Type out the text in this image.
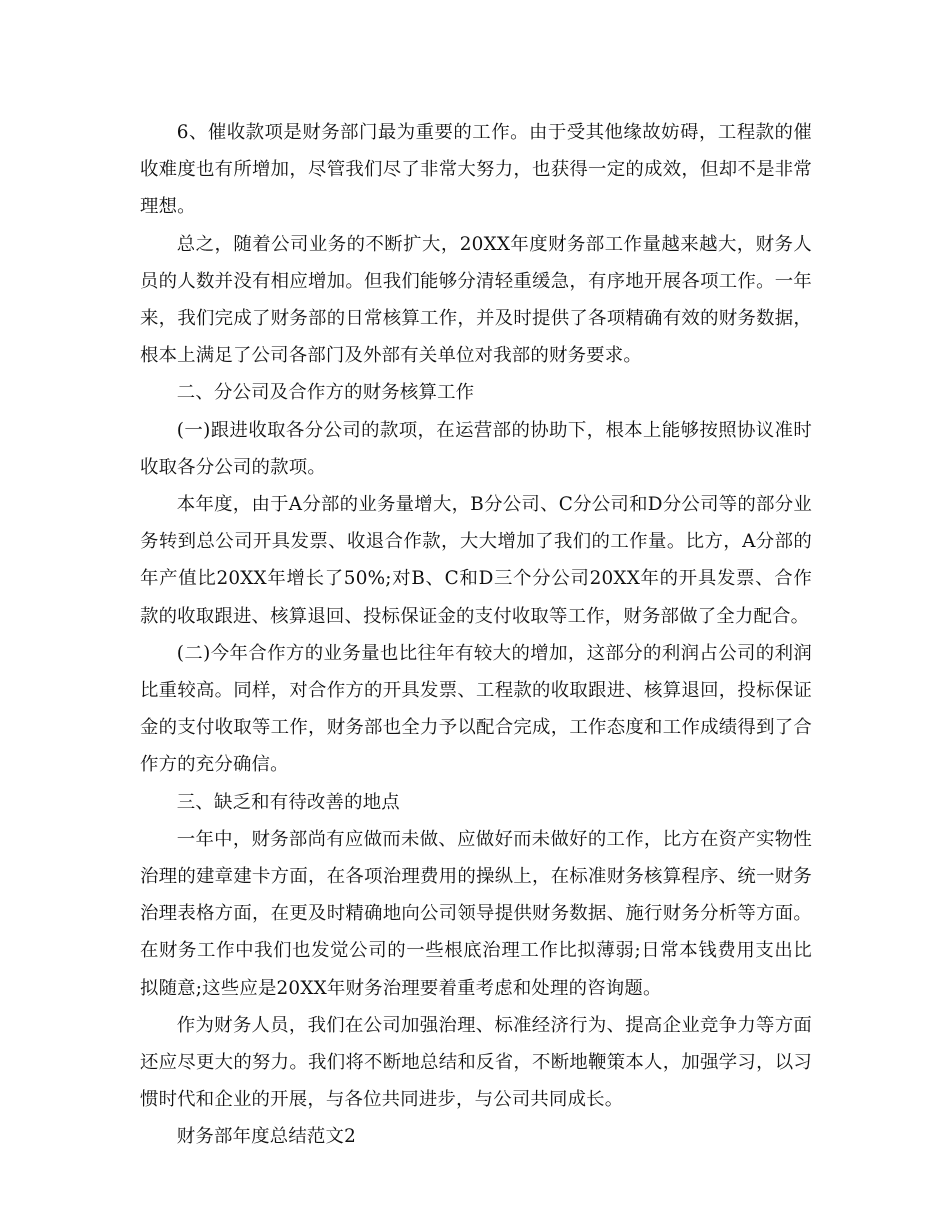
6、催收款项是财务部门最为重要的工作。由于受其他缘故妨碍，工程款的催收难度也有所增加，尽管我们尽了非常大努力，也获得一定的成效，但却不是非常理想。

总之，随着公司业务的不断扩大，20XX年度财务部工作量越来越大，财务人员的人数并没有相应增加。但我们能够分清轻重缓急，有序地开展各项工作。一年来，我们完成了财务部的日常核算工作，并及时提供了各项精确有效的财务数据，根本上满足了公司各部门及外部有关单位对我部的财务要求。

二、分公司及合作方的财务核算工作

(一)跟进收取各分公司的款项，在运营部的协助下，根本上能够按照协议准时收取各分公司的款项。

本年度，由于A分部的业务量增大，B分公司、C分公司和D分公司等的部分业务转到总公司开具发票、收退合作款，大大增加了我们的工作量。比方，A分部的年产值比20XX年增长了50%;对B、C和D三个分公司20XX年的开具发票、合作款的收取跟进、核算退回、投标保证金的支付收取等工作，财务部做了全力配合。

(二)今年合作方的业务量也比往年有较大的增加，这部分的利润占公司的利润比重较高。同样，对合作方的开具发票、工程款的收取跟进、核算退回，投标保证金的支付收取等工作，财务部也全力予以配合完成，工作态度和工作成绩得到了合作方的充分确信。

三、缺乏和有待改善的地点

一年中，财务部尚有应做而未做、应做好而未做好的工作，比方在资产实物性治理的建章建卡方面，在各项治理费用的操纵上，在标准财务核算程序、统一财务治理表格方面，在更及时精确地向公司领导提供财务数据、施行财务分析等方面。在财务工作中我们也发觉公司的一些根底治理工作比拟薄弱;日常本钱费用支出比拟随意;这些应是20XX年财务治理要着重考虑和处理的咨询题。

作为财务人员，我们在公司加强治理、标准经济行为、提高企业竞争力等方面还应尽更大的努力。我们将不断地总结和反省，不断地鞭策本人，加强学习，以习惯时代和企业的开展，与各位共同进步，与公司共同成长。

财务部年度总结范文2
